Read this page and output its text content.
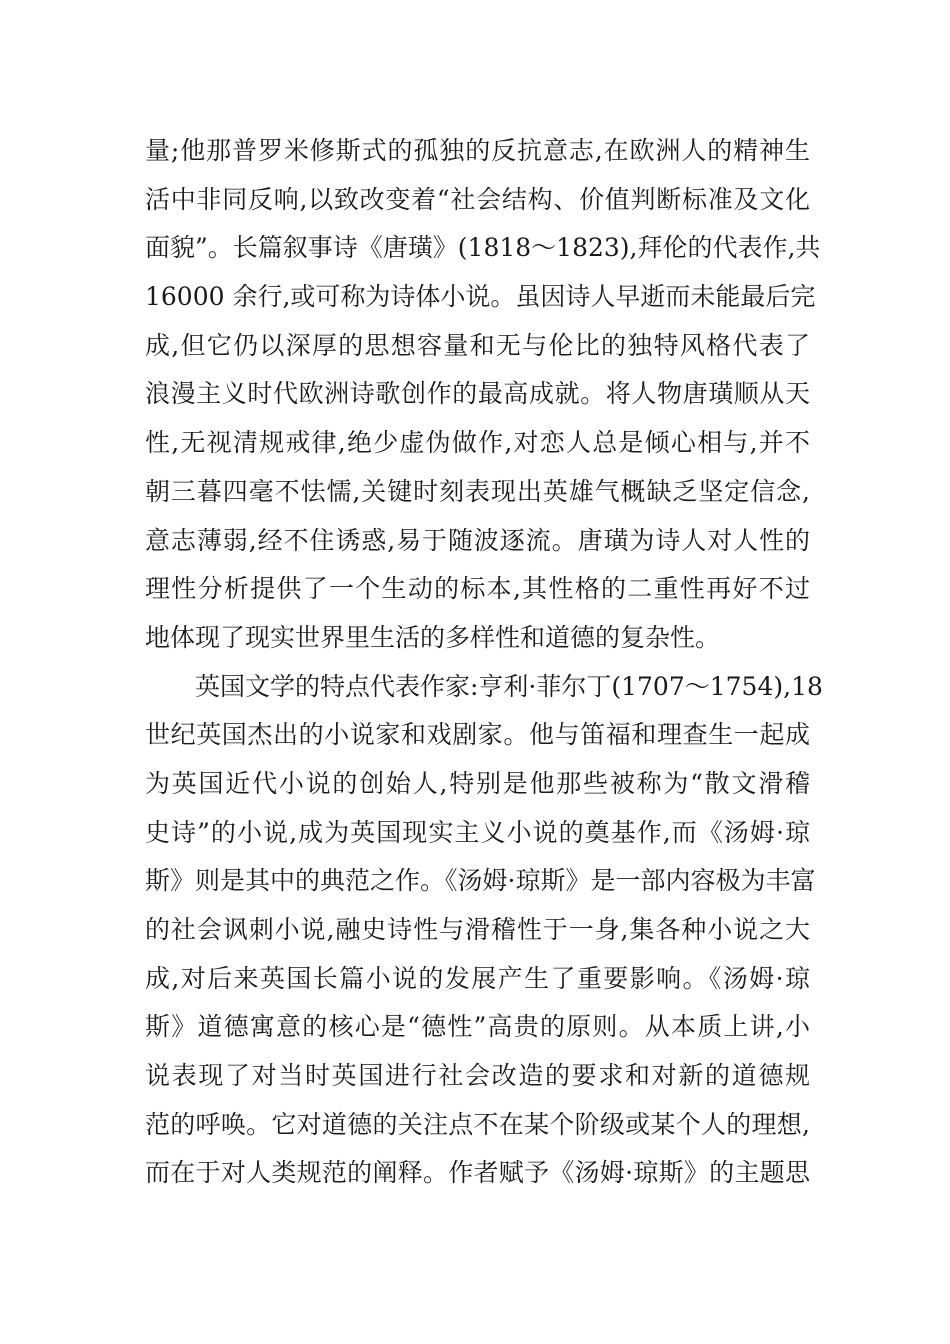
量;他那普罗米修斯式的孤独的反抗意志,在欧洲人的精神生
活中非同反响,以致改变着“社会结构、价值判断标准及文化
面貌”。长篇叙事诗《唐璜》(1818～1823),拜伦的代表作,共
16000 余行,或可称为诗体小说。虽因诗人早逝而未能最后完
成,但它仍以深厚的思想容量和无与伦比的独特风格代表了
浪漫主义时代欧洲诗歌创作的最高成就。将人物唐璜顺从天
性,无视清规戒律,绝少虚伪做作,对恋人总是倾心相与,并不
朝三暮四毫不怯懦,关键时刻表现出英雄气概缺乏坚定信念,
意志薄弱,经不住诱惑,易于随波逐流。唐璜为诗人对人性的
理性分析提供了一个生动的标本,其性格的二重性再好不过
地体现了现实世界里生活的多样性和道德的复杂性。
英国文学的特点代表作家:亨利·菲尔丁(1707～1754),18
世纪英国杰出的小说家和戏剧家。他与笛福和理查生一起成
为英国近代小说的创始人,特别是他那些被称为“散文滑稽
史诗”的小说,成为英国现实主义小说的奠基作,而《汤姆·琼
斯》则是其中的典范之作。《汤姆·琼斯》是一部内容极为丰富
的社会讽刺小说,融史诗性与滑稽性于一身,集各种小说之大
成,对后来英国长篇小说的发展产生了重要影响。《汤姆·琼
斯》道德寓意的核心是“德性”高贵的原则。从本质上讲,小
说表现了对当时英国进行社会改造的要求和对新的道德规
范的呼唤。它对道德的关注点不在某个阶级或某个人的理想,
而在于对人类规范的阐释。作者赋予《汤姆·琼斯》的主题思
